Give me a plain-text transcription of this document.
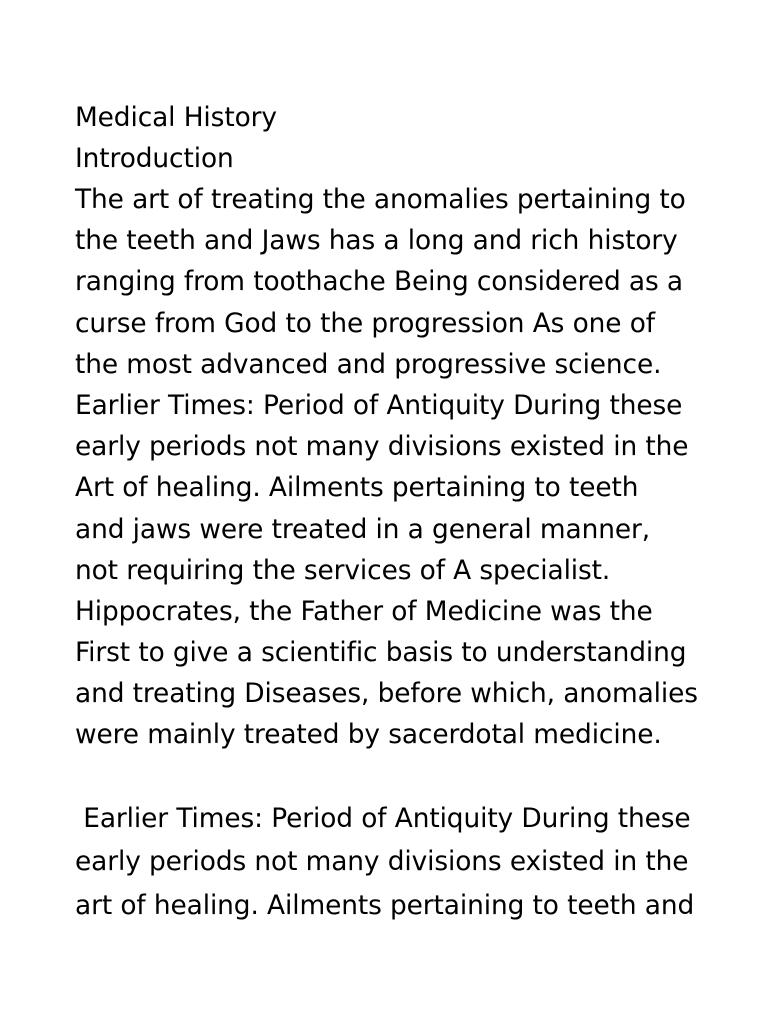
Medical History
Introduction
The art of treating the anomalies pertaining to
the teeth and Jaws has a long and rich history
ranging from toothache Being considered as a
curse from God to the progression As one of
the most advanced and progressive science.
Earlier Times: Period of Antiquity During these
early periods not many divisions existed in the
Art of healing. Ailments pertaining to teeth
and jaws were treated in a general manner,
not requiring the services of A specialist.
Hippocrates, the Father of Medicine was the
First to give a scientific basis to understanding
and treating Diseases, before which, anomalies
were mainly treated by sacerdotal medicine.
Earlier Times: Period of Antiquity During these
early periods not many divisions existed in the
art of healing. Ailments pertaining to teeth and
